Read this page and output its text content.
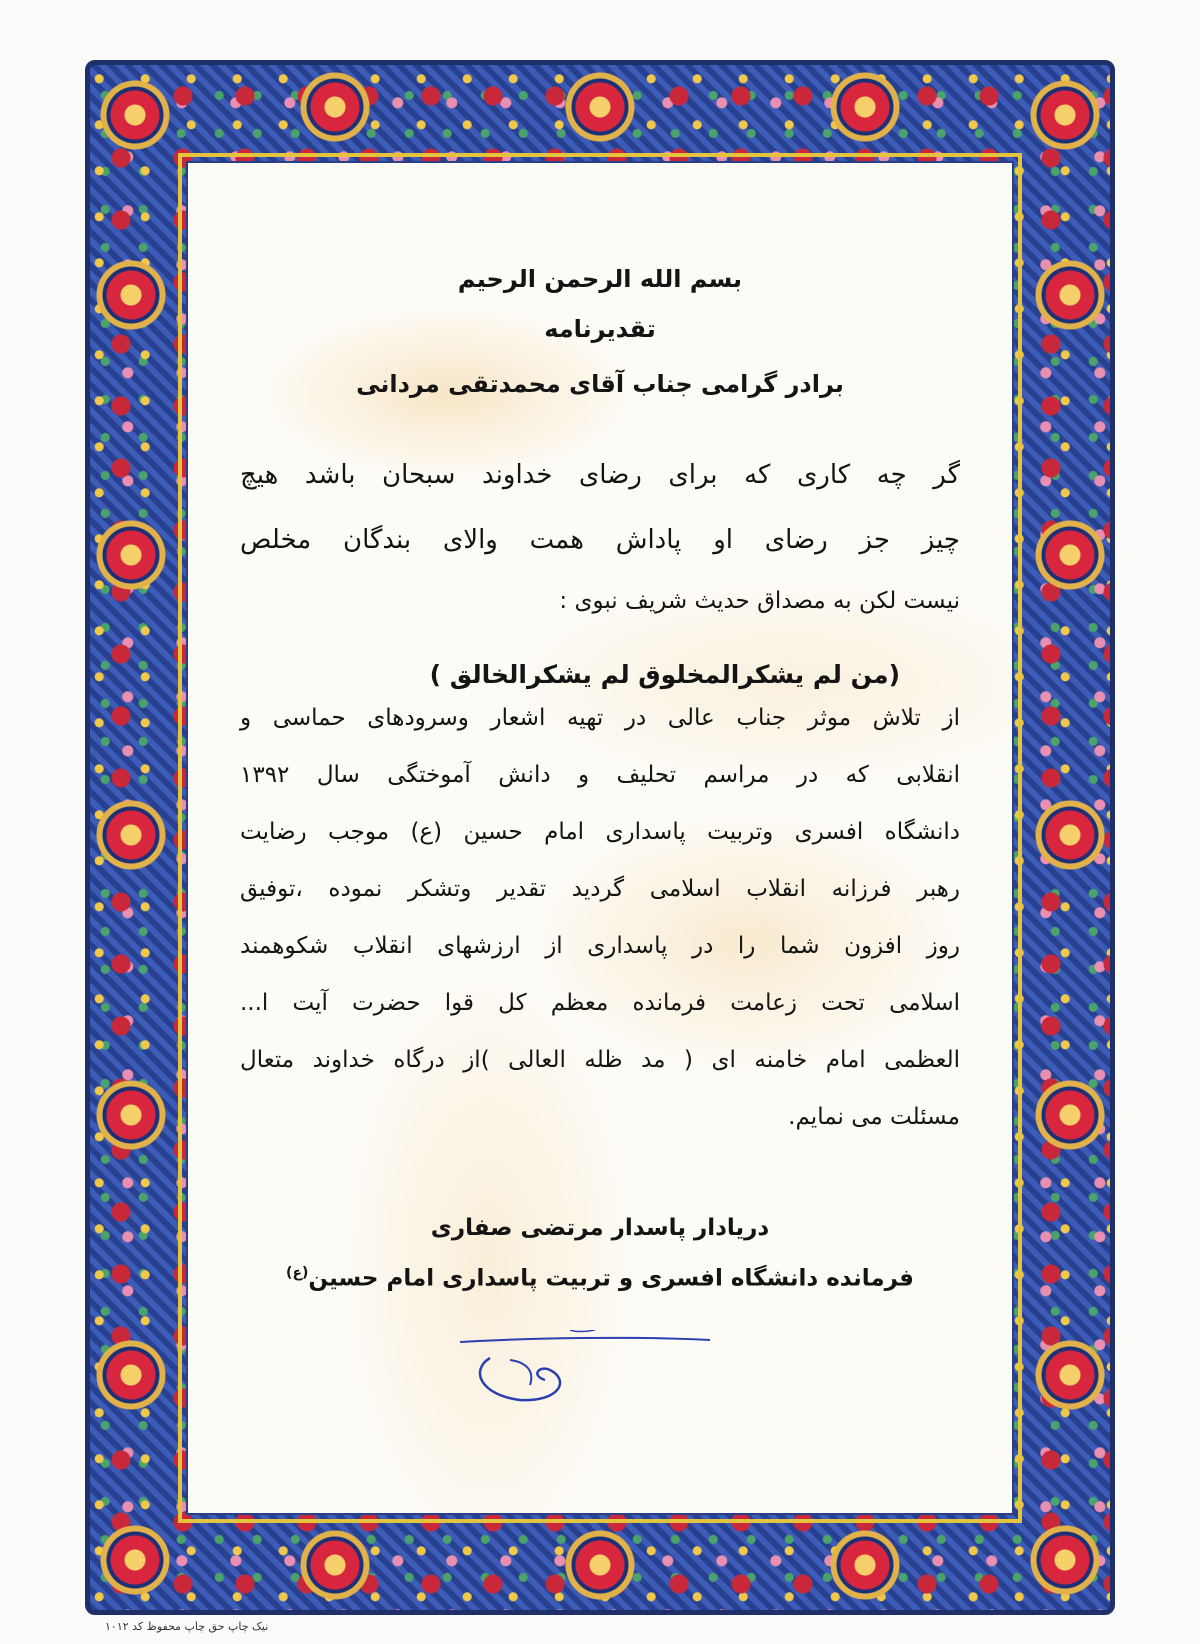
بسم الله الرحمن الرحیم
تقدیرنامه
برادر گرامی جناب آقای محمدتقی مردانی
گر چه کاری که برای رضای خداوند سبحان باشد هیچ
چیز جز رضای او پاداش همت والای بندگان مخلص
نیست لکن به مصداق حدیث شریف نبوی :
(من لم یشکرالمخلوق لم یشکرالخالق )
از تلاش موثر جناب عالی در تهیه اشعار وسرودهای حماسی و
انقلابی که در مراسم تحلیف و دانش آموختگی سال ۱۳۹۲
دانشگاه افسری وتربیت پاسداری امام حسین (ع) موجب رضایت
رهبر فرزانه انقلاب اسلامی گردید تقدیر وتشکر نموده ،توفیق
روز افزون شما را در پاسداری از ارزشهای انقلاب شکوهمند
اسلامی تحت زعامت فرمانده معظم کل قوا حضرت آیت ا...
العظمی امام خامنه ای ( مد ظله العالی )از درگاه خداوند متعال
مسئلت می نمایم.
دریادار پاسدار مرتضی صفاری
فرمانده دانشگاه افسری و تربیت پاسداری امام حسین$^{(ع)}$
نیک چاپ حق چاپ محفوظ کد ۱۰۱۲
